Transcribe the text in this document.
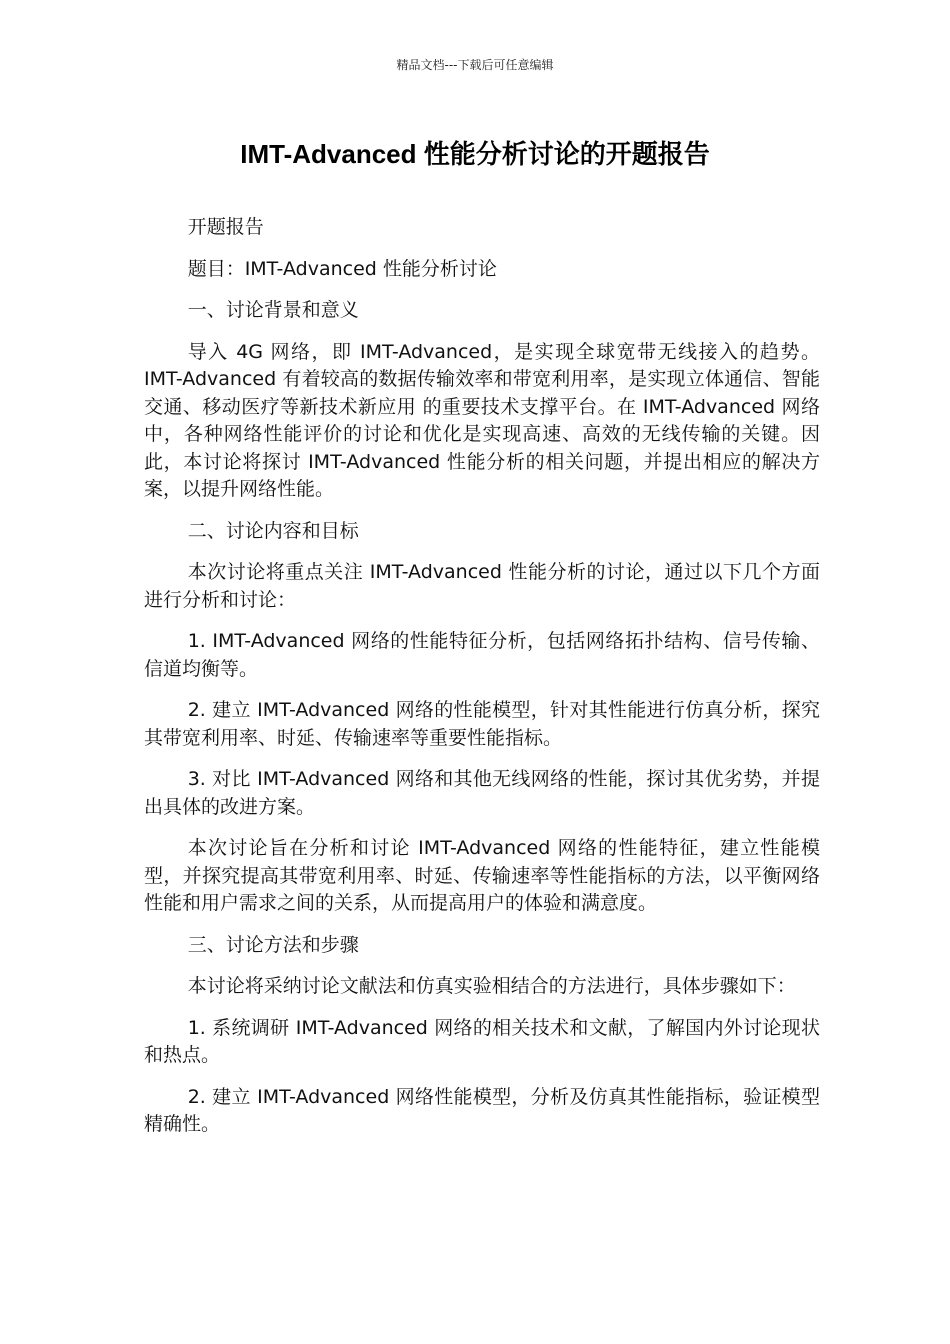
精品文档---下载后可任意编辑
IMT-Advanced 性能分析讨论的开题报告

开题报告

题目：IMT-Advanced 性能分析讨论

一、讨论背景和意义

导入 4G 网络，即 IMT-Advanced，是实现全球宽带无线接入的趋势。 IMT-Advanced 有着较高的数据传输效率和带宽利用率，是实现立体通信、智能交通、移动医疗等新技术新应用 的重要技术支撑平台。在 IMT-Advanced 网络中，各种网络性能评价的讨论和优化是实现高速、高效的无线传输的关键。因此，本讨论将探讨 IMT-Advanced 性能分析的相关问题，并提出相应的解决方案，以提升网络性能。

二、讨论内容和目标

本次讨论将重点关注 IMT-Advanced 性能分析的讨论，通过以下几个方面进行分析和讨论：

1. IMT-Advanced 网络的性能特征分析，包括网络拓扑结构、信号传输、信道均衡等。

2. 建立 IMT-Advanced 网络的性能模型，针对其性能进行仿真分析，探究其带宽利用率、时延、传输速率等重要性能指标。

3. 对比 IMT-Advanced 网络和其他无线网络的性能，探讨其优劣势，并提出具体的改进方案。

本次讨论旨在分析和讨论 IMT-Advanced 网络的性能特征，建立性能模型，并探究提高其带宽利用率、时延、传输速率等性能指标的方法，以平衡网络性能和用户需求之间的关系，从而提高用户的体验和满意度。

三、讨论方法和步骤

本讨论将采纳讨论文献法和仿真实验相结合的方法进行，具体步骤如下：

1. 系统调研 IMT-Advanced 网络的相关技术和文献，了解国内外讨论现状和热点。

2. 建立 IMT-Advanced 网络性能模型，分析及仿真其性能指标，验证模型精确性。
